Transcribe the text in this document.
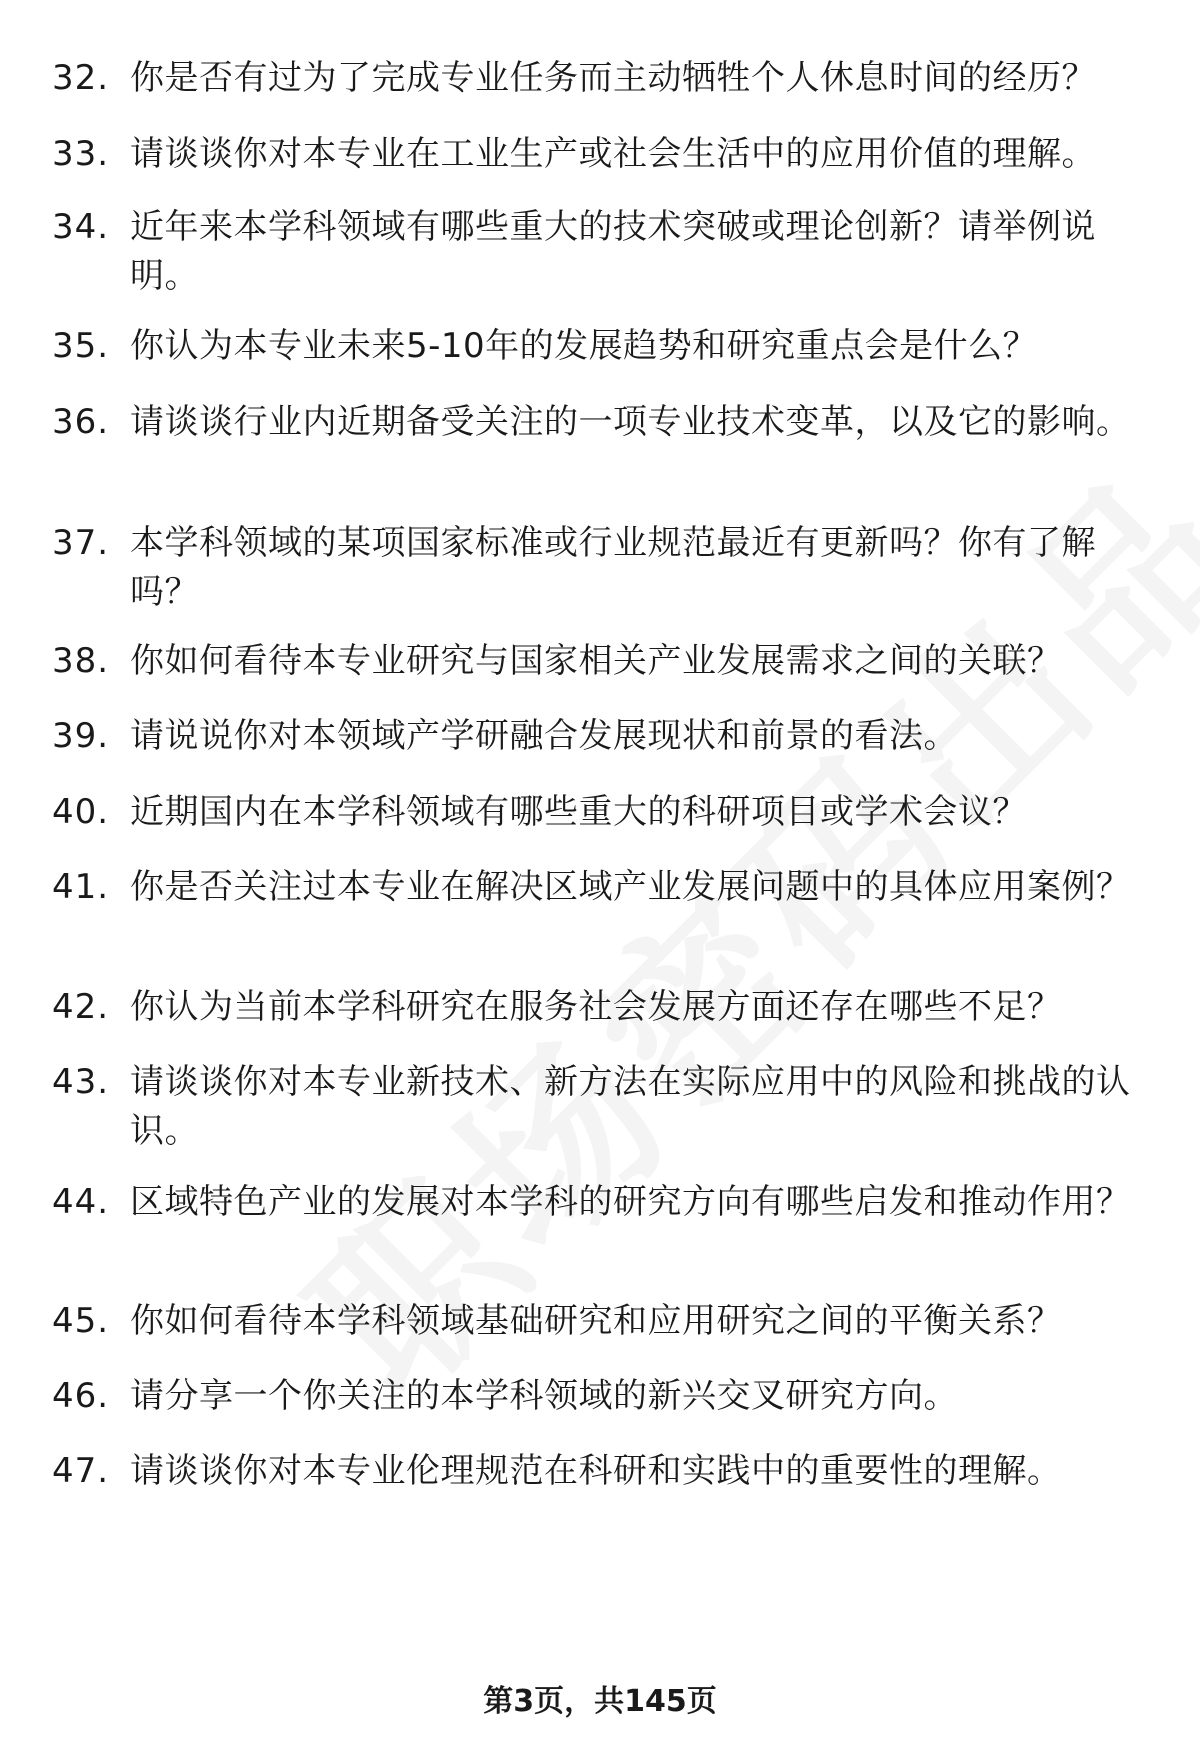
32. 你是否有过为了完成专业任务而主动牺牲个人休息时间的经历？
33. 请谈谈你对本专业在工业生产或社会生活中的应用价值的理解。
34. 近年来本学科领域有哪些重大的技术突破或理论创新？请举例说明。
35. 你认为本专业未来5-10年的发展趋势和研究重点会是什么？
36. 请谈谈行业内近期备受关注的一项专业技术变革，以及它的影响。
37. 本学科领域的某项国家标准或行业规范最近有更新吗？你有了解吗？
38. 你如何看待本专业研究与国家相关产业发展需求之间的关联？
39. 请说说你对本领域产学研融合发展现状和前景的看法。
40. 近期国内在本学科领域有哪些重大的科研项目或学术会议？
41. 你是否关注过本专业在解决区域产业发展问题中的具体应用案例？
42. 你认为当前本学科研究在服务社会发展方面还存在哪些不足？
43. 请谈谈你对本专业新技术、新方法在实际应用中的风险和挑战的认识。
44. 区域特色产业的发展对本学科的研究方向有哪些启发和推动作用？
45. 你如何看待本学科领域基础研究和应用研究之间的平衡关系？
46. 请分享一个你关注的本学科领域的新兴交叉研究方向。
47. 请谈谈你对本专业伦理规范在科研和实践中的重要性的理解。
第3页，共145页
